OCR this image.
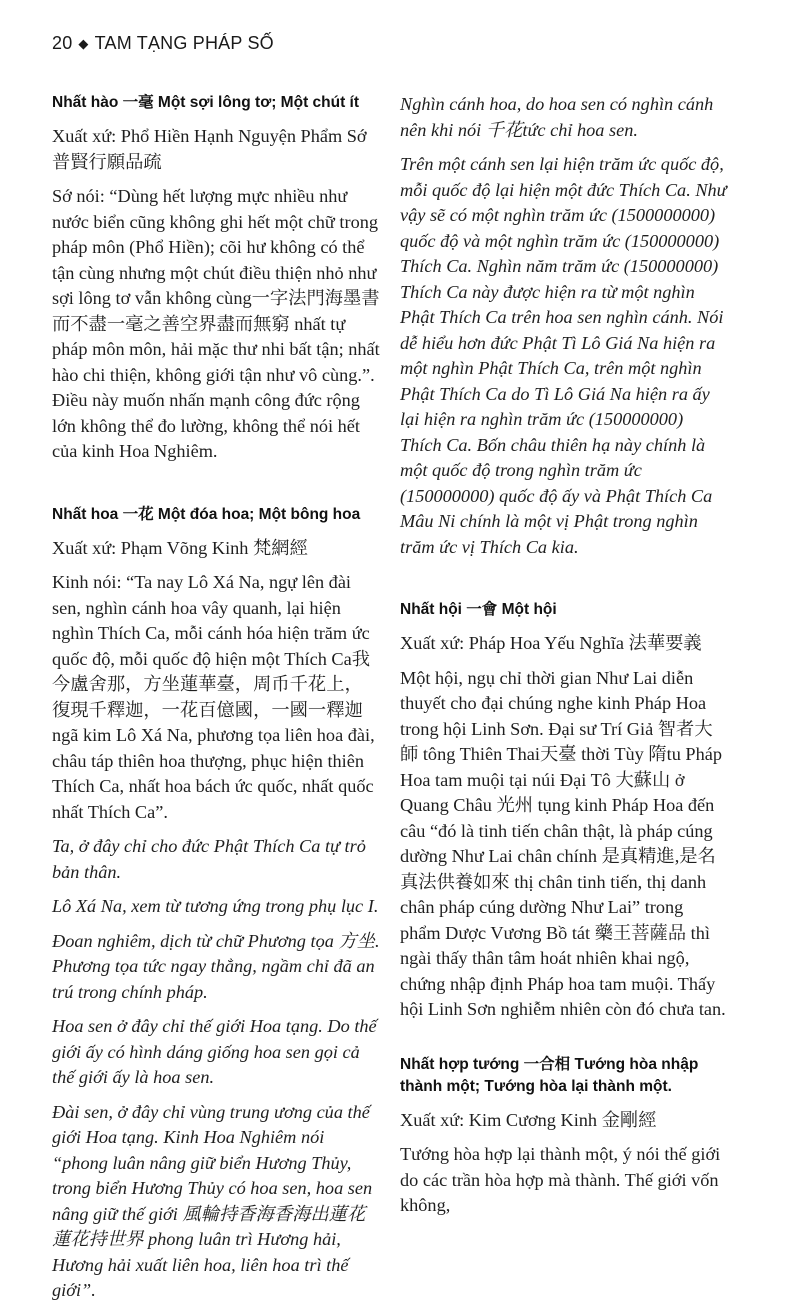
20 ◆ TAM TẠNG PHÁP SỐ
Nhất hào 一毫 Một sợi lông tơ; Một chút ít

Xuất xứ: Phổ Hiền Hạnh Nguyện Phẩm Sớ 普賢行願品疏

Sớ nói: “Dùng hết lượng mực nhiều như nước biển cũng không ghi hết một chữ trong pháp môn (Phổ Hiền); cõi hư không có thể tận cùng nhưng một chút điều thiện nhỏ như sợi lông tơ vẫn không cùng一字法門海墨書而不盡一毫之善空界盡而無窮 nhất tự pháp môn môn, hải mặc thư nhi bất tận; nhất hào chi thiện, không giới tận như vô cùng.”. Điều này muốn nhấn mạnh công đức rộng lớn không thể đo lường, không thể nói hết của kinh Hoa Nghiêm.

Nhất hoa 一花 Một đóa hoa; Một bông hoa

Xuất xứ: Phạm Võng Kinh 梵網經

Kinh nói: “Ta nay Lô Xá Na, ngự lên đài sen, nghìn cánh hoa vây quanh, lại hiện nghìn Thích Ca, mỗi cánh hóa hiện trăm ức quốc độ, mỗi quốc độ hiện một Thích Ca我今盧舍那，方坐蓮華臺，周币千花上，復現千釋迦，一花百億國，一國一釋迦 ngã kim Lô Xá Na, phương tọa liên hoa đài, châu táp thiên hoa thượng, phục hiện thiên Thích Ca, nhất hoa bách ức quốc, nhất quốc nhất Thích Ca”.

Ta, ở đây chỉ cho đức Phật Thích Ca tự trỏ bản thân.

Lô Xá Na, xem từ tương ứng trong phụ lục I.

Đoan nghiêm, dịch từ chữ Phương tọa 方坐. Phương tọa tức ngay thẳng, ngầm chỉ đã an trú trong chính pháp.

Hoa sen ở đây chỉ thế giới Hoa tạng. Do thế giới ấy có hình dáng giống hoa sen gọi cả thế giới ấy là hoa sen.

Đài sen, ở đây chỉ vùng trung ương của thế giới Hoa tạng. Kinh Hoa Nghiêm nói “phong luân nâng giữ biển Hương Thủy, trong biển Hương Thủy có hoa sen, hoa sen nâng giữ thế giới 風輪持香海香海出蓮花蓮花持世界 phong luân trì Hương hải, Hương hải xuất liên hoa, liên hoa trì thế giới”.

Nghìn cánh hoa, do hoa sen có nghìn cánh nên khi nói 千花tức chỉ hoa sen.

Trên một cánh sen lại hiện trăm ức quốc độ, mỗi quốc độ lại hiện một đức Thích Ca. Như vậy sẽ có một nghìn trăm ức (1500000000) quốc độ và một nghìn trăm ức (150000000) Thích Ca. Nghìn năm trăm ức (150000000) Thích Ca này được hiện ra từ một nghìn Phật Thích Ca trên hoa sen nghìn cánh. Nói dễ hiểu hơn đức Phật Tì Lô Giá Na hiện ra một nghìn Phật Thích Ca, trên một nghìn Phật Thích Ca do Tì Lô Giá Na hiện ra ấy lại hiện ra nghìn trăm ức (150000000) Thích Ca. Bốn châu thiên hạ này chính là một quốc độ trong nghìn trăm ức (150000000) quốc độ ấy và Phật Thích Ca Mâu Ni chính là một vị Phật trong nghìn trăm ức vị Thích Ca kia.

Nhất hội 一會 Một hội

Xuất xứ: Pháp Hoa Yếu Nghĩa 法華要義

Một hội, ngụ chỉ thời gian Như Lai diễn thuyết cho đại chúng nghe kinh Pháp Hoa trong hội Linh Sơn. Đại sư Trí Giả 智者大師 tông Thiên Thai天臺 thời Tùy 隋tu Pháp Hoa tam muội tại núi Đại Tô 大蘇山 ở Quang Châu 光州 tụng kinh Pháp Hoa đến câu “đó là tinh tiến chân thật, là pháp cúng dường Như Lai chân chính 是真精進,是名真法供養如來 thị chân tinh tiến, thị danh chân pháp cúng dường Như Lai” trong phẩm Dược Vương Bồ tát 藥王菩薩品 thì ngài thấy thân tâm hoát nhiên khai ngộ, chứng nhập định Pháp hoa tam muội. Thấy hội Linh Sơn nghiễm nhiên còn đó chưa tan.

Nhất hợp tướng 一合相 Tướng hòa nhập thành một; Tướng hòa lại thành một.

Xuất xứ: Kim Cương Kinh 金剛經

Tướng hòa hợp lại thành một, ý nói thế giới do các trần hòa hợp mà thành. Thế giới vốn không,
